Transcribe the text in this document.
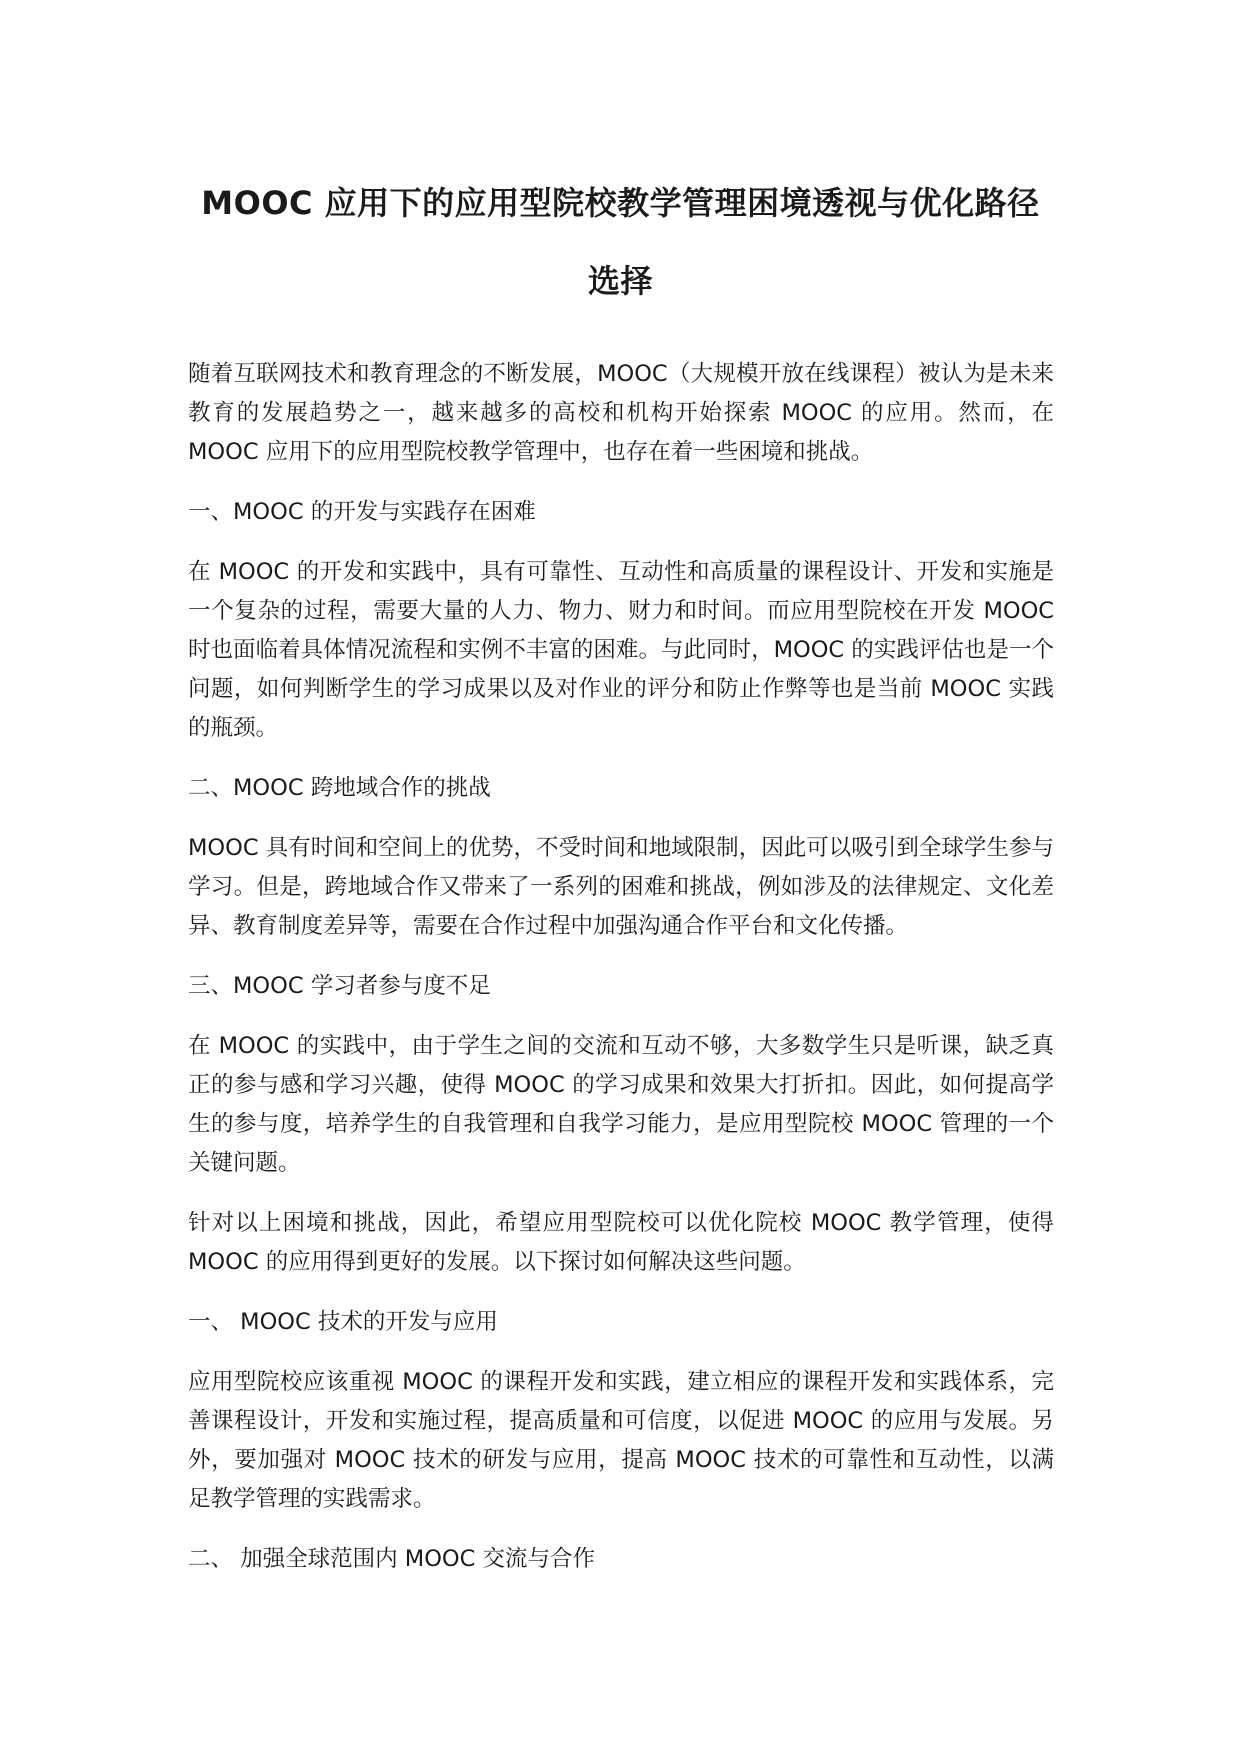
MOOC 应用下的应用型院校教学管理困境透视与优化路径
选择

随着互联网技术和教育理念的不断发展，MOOC（大规模开放在线课程）被认为是未来教育的发展趋势之一，越来越多的高校和机构开始探索 MOOC 的应用。然而，在 MOOC 应用下的应用型院校教学管理中，也存在着一些困境和挑战。

一、MOOC 的开发与实践存在困难

在 MOOC 的开发和实践中，具有可靠性、互动性和高质量的课程设计、开发和实施是一个复杂的过程，需要大量的人力、物力、财力和时间。而应用型院校在开发 MOOC 时也面临着具体情况流程和实例不丰富的困难。与此同时，MOOC 的实践评估也是一个问题，如何判断学生的学习成果以及对作业的评分和防止作弊等也是当前 MOOC 实践的瓶颈。

二、MOOC 跨地域合作的挑战

MOOC 具有时间和空间上的优势，不受时间和地域限制，因此可以吸引到全球学生参与学习。但是，跨地域合作又带来了一系列的困难和挑战，例如涉及的法律规定、文化差异、教育制度差异等，需要在合作过程中加强沟通合作平台和文化传播。

三、MOOC 学习者参与度不足

在 MOOC 的实践中，由于学生之间的交流和互动不够，大多数学生只是听课，缺乏真正的参与感和学习兴趣，使得 MOOC 的学习成果和效果大打折扣。因此，如何提高学生的参与度，培养学生的自我管理和自我学习能力，是应用型院校 MOOC 管理的一个关键问题。

针对以上困境和挑战，因此，希望应用型院校可以优化院校 MOOC 教学管理，使得 MOOC 的应用得到更好的发展。以下探讨如何解决这些问题。

一、 MOOC 技术的开发与应用

应用型院校应该重视 MOOC 的课程开发和实践，建立相应的课程开发和实践体系，完善课程设计，开发和实施过程，提高质量和可信度，以促进 MOOC 的应用与发展。另外，要加强对 MOOC 技术的研发与应用，提高 MOOC 技术的可靠性和互动性，以满足教学管理的实践需求。

二、 加强全球范围内 MOOC 交流与合作
